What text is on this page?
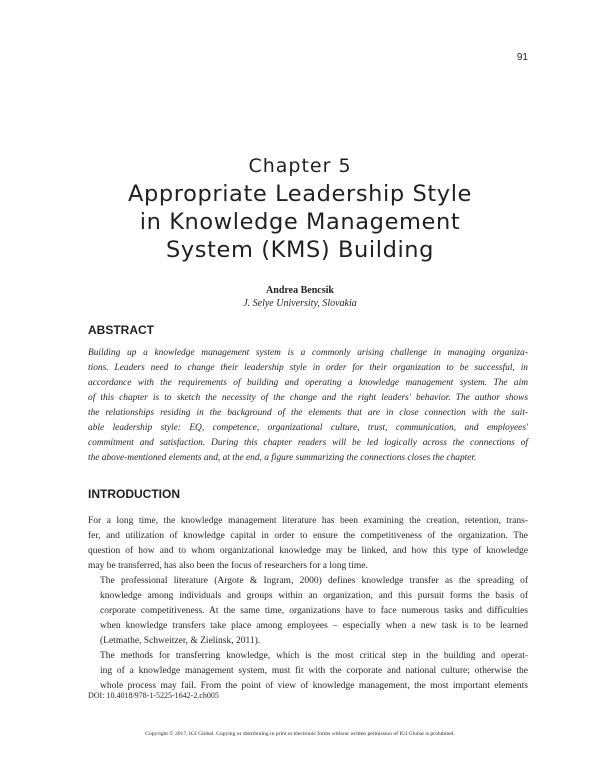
91
Chapter 5
Appropriate Leadership Style
in Knowledge Management
System (KMS) Building
Andrea Bencsik
J. Selye University, Slovakia
ABSTRACT
Building up a knowledge management system is a commonly arising challenge in managing organiza-
tions. Leaders need to change their leadership style in order for their organization to be successful, in
accordance with the requirements of building and operating a knowledge management system. The aim
of this chapter is to sketch the necessity of the change and the right leaders' behavior. The author shows
the relationships residing in the background of the elements that are in close connection with the suit-
able leadership style: EQ, competence, organizational culture, trust, communication, and employees'
commitment and satisfaction. During this chapter readers will be led logically across the connections of
the above-mentioned elements and, at the end, a figure summarizing the connections closes the chapter.
INTRODUCTION

For a long time, the knowledge management literature has been examining the creation, retention, trans-
fer, and utilization of knowledge capital in order to ensure the competitiveness of the organization. The
question of how and to whom organizational knowledge may be linked, and how this type of knowledge
may be transferred, has also been the focus of researchers for a long time.

The professional literature (Argote & Ingram, 2000) defines knowledge transfer as the spreading of
knowledge among individuals and groups within an organization, and this pursuit forms the basis of
corporate competitiveness. At the same time, organizations have to face numerous tasks and difficulties
when knowledge transfers take place among employees – especially when a new task is to be learned
(Letmathe, Schweitzer, & Zielinsk, 2011).

The methods for transferring knowledge, which is the most critical step in the building and operat-
ing of a knowledge management system, must fit with the corporate and national culture; otherwise the
whole process may fail. From the point of view of knowledge management, the most important elements

DOI: 10.4018/978-1-5225-1642-2.ch005
Copyright © 2017, IGI Global. Copying or distributing in print or electronic forms without written permission of IGI Global is prohibited.
